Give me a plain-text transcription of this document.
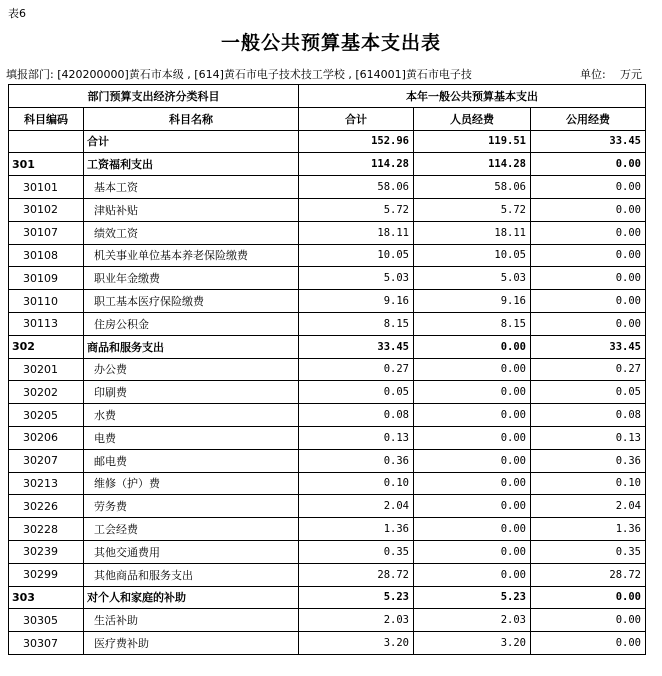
表6
一般公共预算基本支出表
填报部门: [420200000]黄石市本级 , [614]黄石市电子技术技工学校 , [614001]黄石市电子技	单位: 万元
部门预算支出经济分类科目		本年一般公共预算基本支出		
科目编码	科目名称	合计	人员经费	公用经费
	合计	152.96	119.51	33.45
301	工资福利支出	114.28	114.28	0.00
30101	基本工资	58.06	58.06	0.00
30102	津贴补贴	5.72	5.72	0.00
30107	绩效工资	18.11	18.11	0.00
30108	机关事业单位基本养老保险缴费	10.05	10.05	0.00
30109	职业年金缴费	5.03	5.03	0.00
30110	职工基本医疗保险缴费	9.16	9.16	0.00
30113	住房公积金	8.15	8.15	0.00
302	商品和服务支出	33.45	0.00	33.45
30201	办公费	0.27	0.00	0.27
30202	印刷费	0.05	0.00	0.05
30205	水费	0.08	0.00	0.08
30206	电费	0.13	0.00	0.13
30207	邮电费	0.36	0.00	0.36
30213	维修（护）费	0.10	0.00	0.10
30226	劳务费	2.04	0.00	2.04
30228	工会经费	1.36	0.00	1.36
30239	其他交通费用	0.35	0.00	0.35
30299	其他商品和服务支出	28.72	0.00	28.72
303	对个人和家庭的补助	5.23	5.23	0.00
30305	生活补助	2.03	2.03	0.00
30307	医疗费补助	3.20	3.20	0.00
